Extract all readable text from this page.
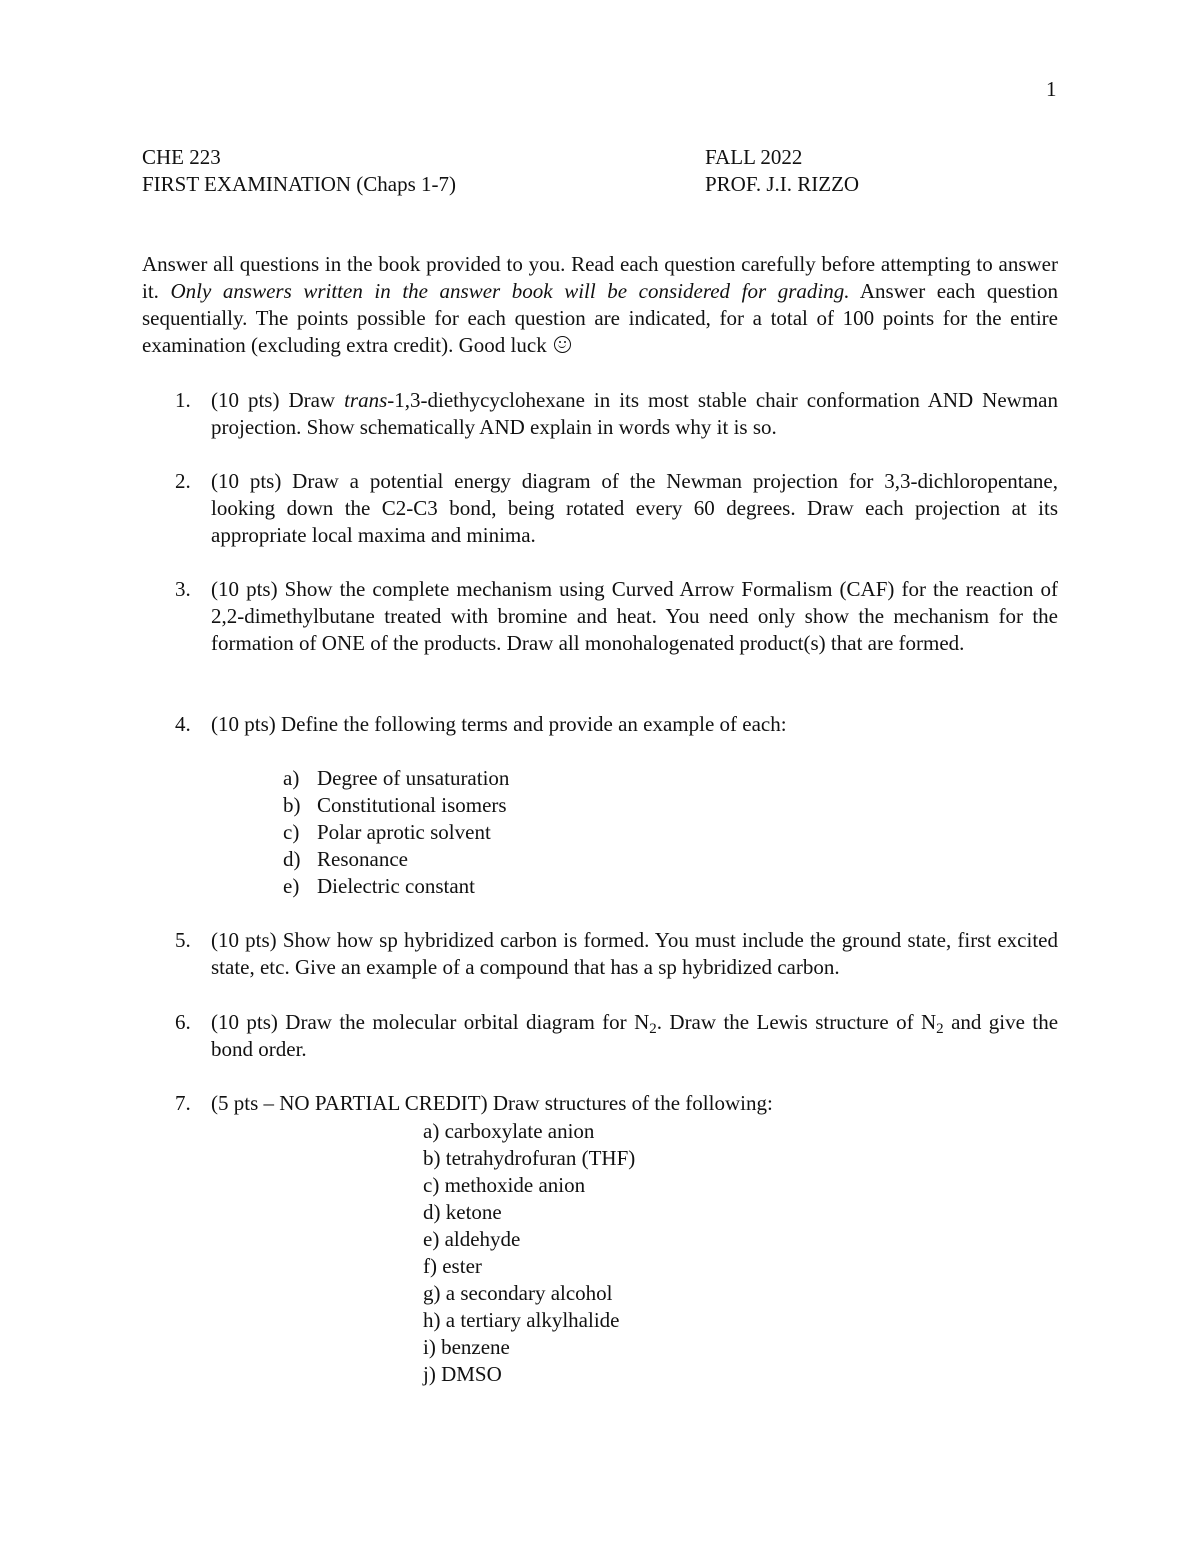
1
CHE 223
FIRST EXAMINATION (Chaps 1-7)
FALL 2022
PROF. J.I. RIZZO
Answer all questions in the book provided to you. Read each question carefully before attempting to answer it. Only answers written in the answer book will be considered for grading. Answer each question sequentially. The points possible for each question are indicated, for a total of 100 points for the entire examination (excluding extra credit). Good luck
1. (10 pts) Draw trans-1,3-diethycyclohexane in its most stable chair conformation AND Newman projection. Show schematically AND explain in words why it is so.

2. (10 pts) Draw a potential energy diagram of the Newman projection for 3,3-dichloropentane, looking down the C2-C3 bond, being rotated every 60 degrees. Draw each projection at its appropriate local maxima and minima.

3. (10 pts) Show the complete mechanism using Curved Arrow Formalism (CAF) for the reaction of 2,2-dimethylbutane treated with bromine and heat. You need only show the mechanism for the formation of ONE of the products. Draw all monohalogenated product(s) that are formed.

4. (10 pts) Define the following terms and provide an example of each:

a) Degree of unsaturation
b) Constitutional isomers
c) Polar aprotic solvent
d) Resonance
e) Dielectric constant
5. (10 pts) Show how sp hybridized carbon is formed. You must include the ground state, first excited state, etc. Give an example of a compound that has a sp hybridized carbon.

6. (10 pts) Draw the molecular orbital diagram for $N_2$. Draw the Lewis structure of $N_2$ and give the bond order.

7. (5 pts – NO PARTIAL CREDIT) Draw structures of the following:

a) carboxylate anion
b) tetrahydrofuran (THF)
c) methoxide anion
d) ketone
e) aldehyde
f) ester
g) a secondary alcohol
h) a tertiary alkylhalide
i) benzene
j) DMSO
